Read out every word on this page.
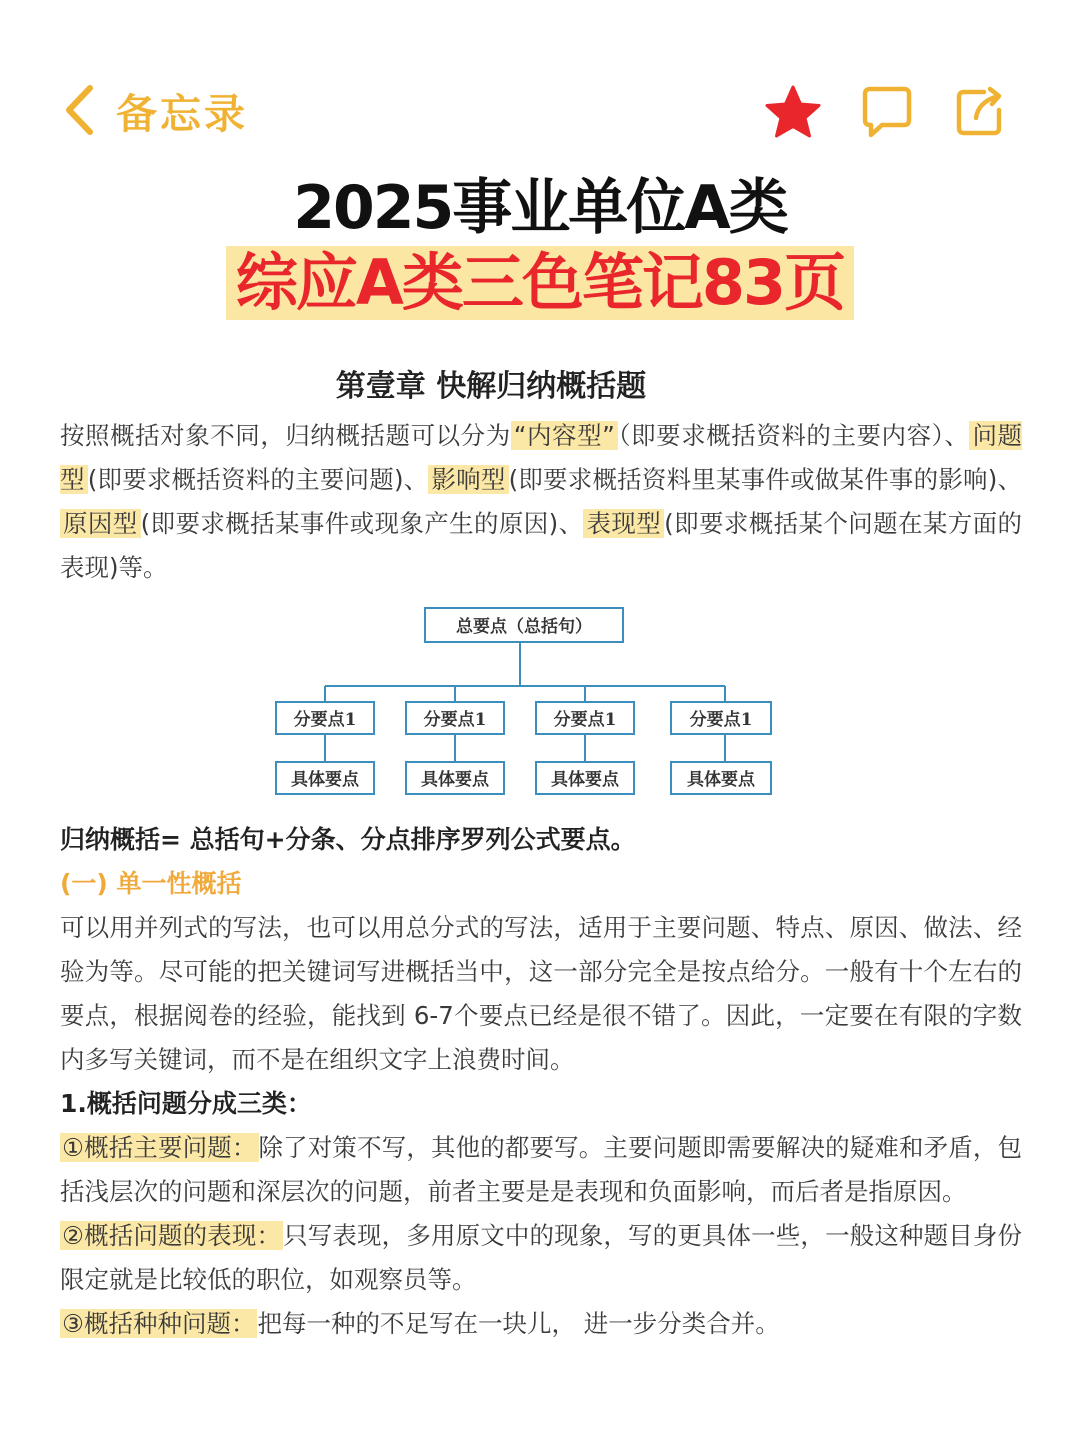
备忘录
2025事业单位A类
综应A类三色笔记83页
第壹章 快解归纳概括题

按照概括对象不同，归纳概括题可以分为 “内容型” （即要求概括资料的主要内容）、 问题型 (即要求概括资料的主要问题)、 影响型 (即要求概括资料里某事件或做某件事的影响)、原因型 (即要求概括某事件或现象产生的原因)、 表现型 (即要求概括某个问题在某方面的表现)等。

总要点（总括句）
分要点1	分要点1	分要点1	分要点1
具体要点	具体要点	具体要点	具体要点
归纳概括= 总括句+分条、分点排序罗列公式要点。
(一) 单一性概括

可以用并列式的写法，也可以用总分式的写法，适用于主要问题、特点、原因、做法、经验为等。尽可能的把关键词写进概括当中，这一部分完全是按点给分。一般有十个左右的要点，根据阅卷的经验，能找到 6-7个要点已经是很不错了。因此，一定要在有限的字数内多写关键词，而不是在组织文字上浪费时间。

1.概括问题分成三类：

①概括主要问题：除了对策不写，其他的都要写。主要问题即需要解决的疑难和矛盾，包括浅层次的问题和深层次的问题，前者主要是是表现和负面影响，而后者是指原因。

②概括问题的表现：只写表现，多用原文中的现象，写的更具体一些，一般这种题目身份限定就是比较低的职位，如观察员等。

③概括种种问题：把每一种的不足写在一块儿， 进一步分类合并。
